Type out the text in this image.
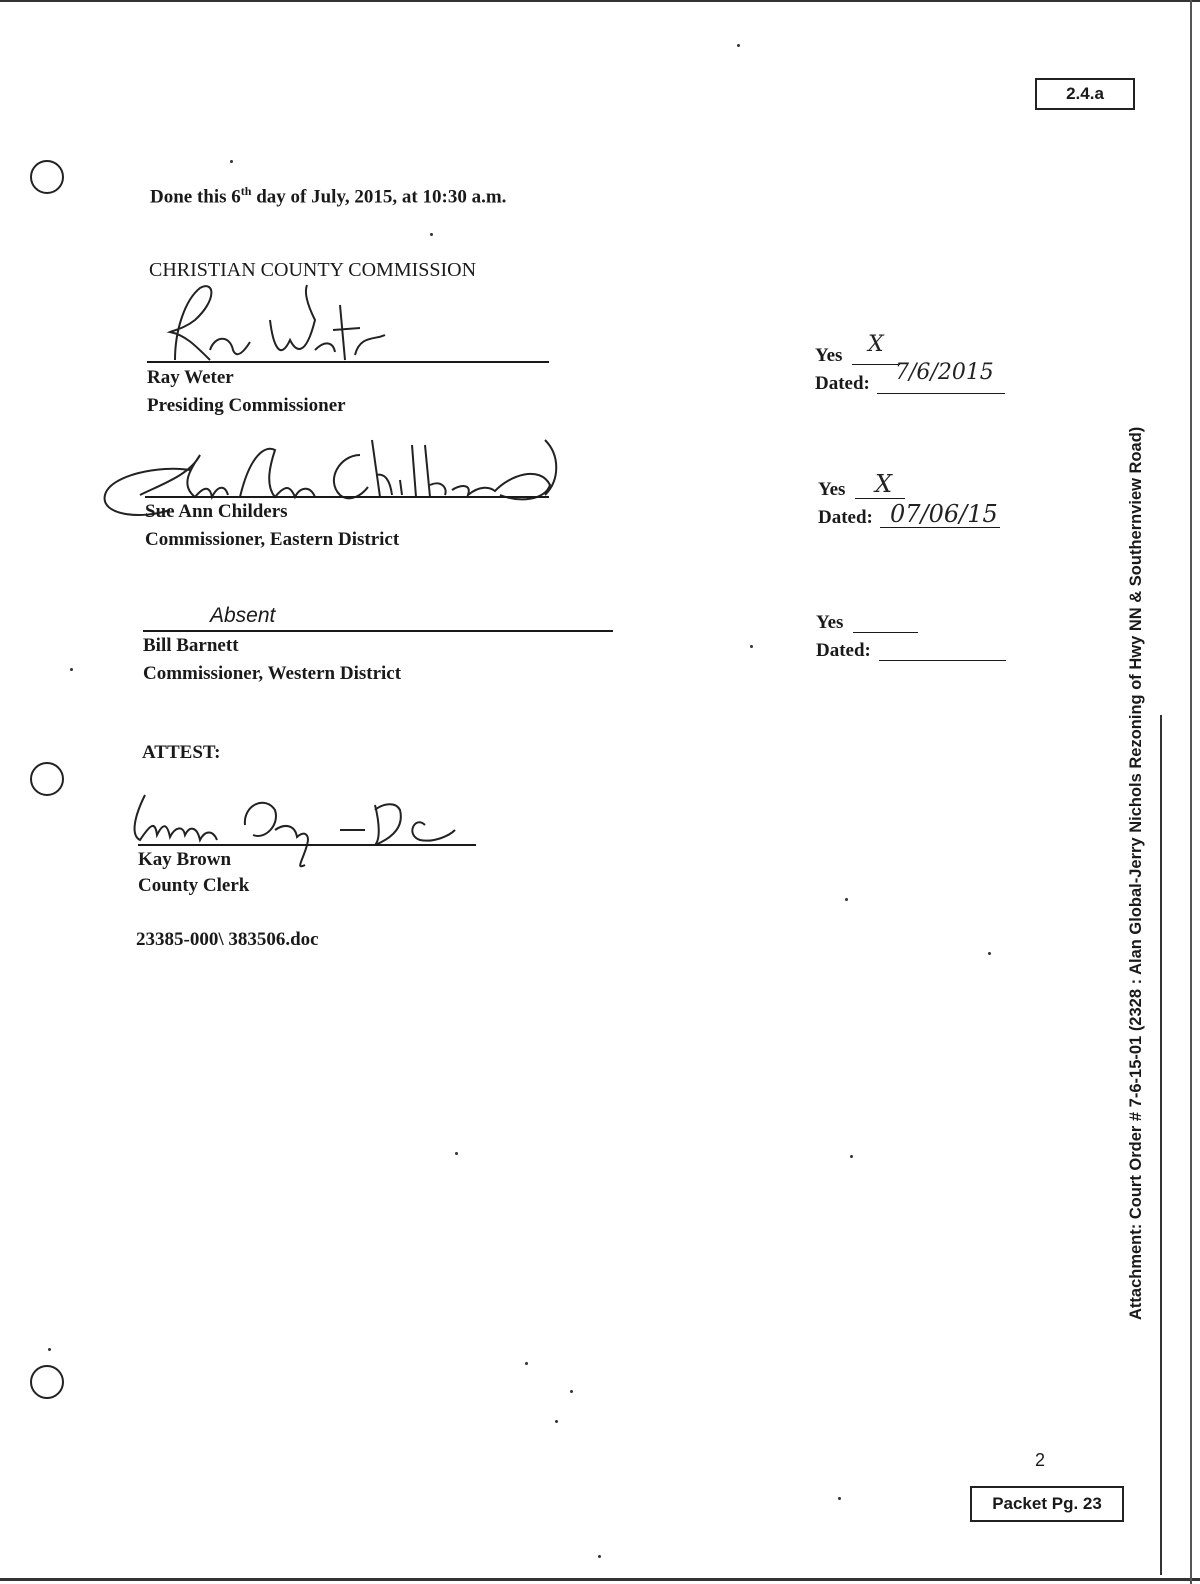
2.4.a
Done this 6th day of July, 2015, at 10:30 a.m.
CHRISTIAN COUNTY COMMISSION
Ray Weter
Presiding Commissioner
Yes X
Dated: 7/6/2015
Sue Ann Childers
Commissioner, Eastern District
Yes X
Dated: 07/06/15
Absent
Bill Barnett
Commissioner, Western District
Yes
Dated:
ATTEST:
Kay Brown
County Clerk
23385-000\ 383506.doc	Attachment: Court Order # 7-6-15-01 (2328 : Alan Global-Jerry Nichols Rezoning of Hwy NN & Southernview Road)
2
Packet Pg. 23
